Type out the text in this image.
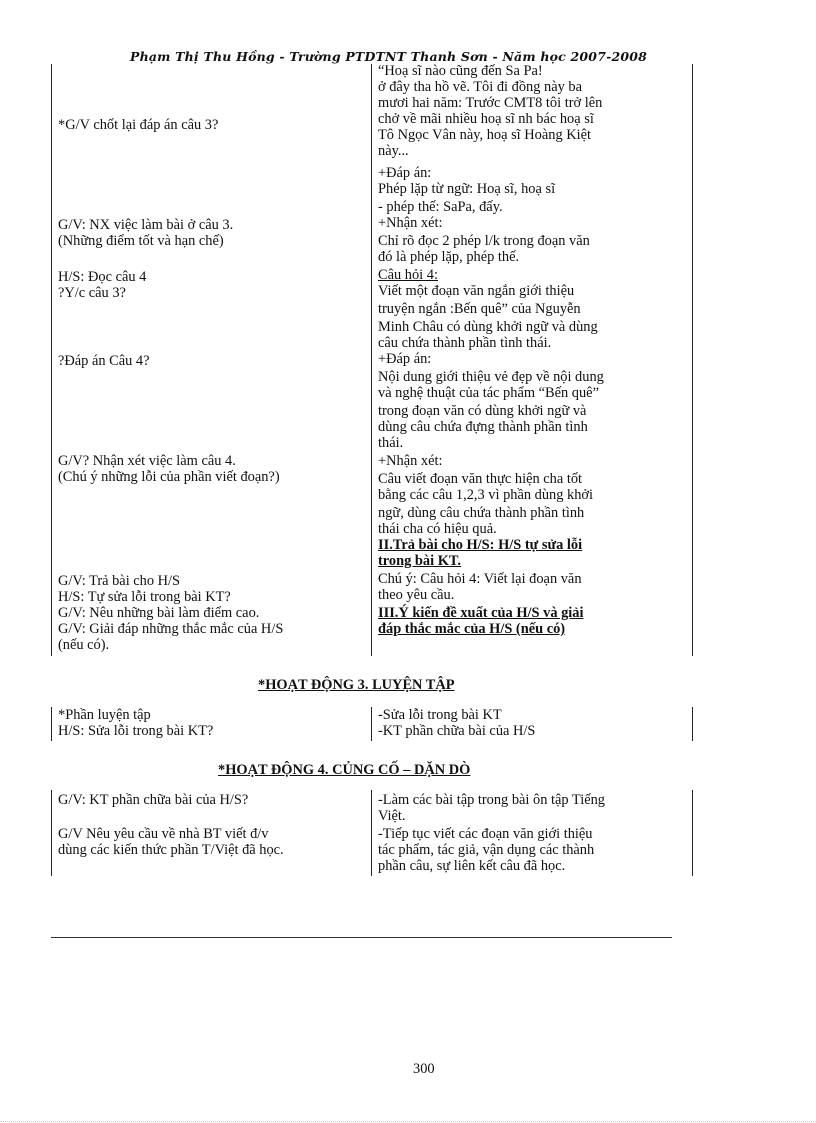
Phạm Thị Thu Hồng - Trường PTDTNT Thanh Sơn - Năm học 2007-2008
*G/V chốt lại đáp án câu 3?
G/V: NX việc làm bài ở câu 3.
(Những điểm tốt và hạn chế)
H/S: Đọc câu 4
?Y/c câu 3?
?Đáp án Câu 4?
G/V? Nhận xét việc làm câu 4.
(Chú ý những lỗi của phần viết đoạn?)
G/V: Trả bài cho H/S
H/S: Tự sửa lỗi trong bài KT?
G/V: Nêu những bài làm điểm cao.
G/V: Giải đáp những thắc mắc của H/S
(nếu có).
“Hoạ sĩ nào cũng đến Sa Pa!
ở đây tha hồ vẽ. Tôi đi đồng này ba
mươi hai năm: Trước CMT8 tôi trở lên
chở về mãi nhiều hoạ sĩ nh bác hoạ sĩ
Tô Ngọc Vân này, hoạ sĩ Hoàng Kiệt
này...
+Đáp án:
Phép lặp từ ngữ: Hoạ sĩ, hoạ sĩ
- phép thế: SaPa, đấy.
+Nhận xét:
Chỉ rõ đọc 2 phép l/k trong đoạn văn
đó là phép lặp, phép thế.
Câu hỏi 4:
Viết một đoạn văn ngắn giới thiệu
truyện ngắn :Bến quê” của Nguyễn
Minh Châu có dùng khởi ngữ và dùng
câu chứa thành phần tình thái.
+Đáp án:
Nội dung giới thiệu vẻ đẹp về nội dung
và nghệ thuật của tác phẩm “Bến quê”
trong đoạn văn có dùng khởi ngữ và
dùng câu chứa đựng thành phần tình
thái.
+Nhận xét:
Câu viết đoạn văn thực hiện cha tốt
bằng các câu 1,2,3 vì phần dùng khởi
ngữ, dùng câu chứa thành phần tình
thái cha có hiệu quả.
II.Trả bài cho H/S: H/S tự sửa lỗi
trong bài KT.
Chú ý: Câu hỏi 4: Viết lại đoạn văn
theo yêu cầu.
III.Ý kiến đề xuất của H/S và giải
đáp thắc mắc của H/S (nếu có)
*HOẠT ĐỘNG 3. LUYỆN TẬP
*Phần luyện tập
H/S: Sửa lỗi trong bài KT?
-Sửa lỗi trong bài KT
-KT phần chữa bài của H/S
*HOẠT ĐỘNG 4. CỦNG CỐ – DẶN DÒ
G/V: KT phần chữa bài của H/S?
G/V Nêu yêu cầu về nhà BT viết đ/v
dùng các kiến thức phần T/Việt đã học.
-Làm các bài tập trong bài ôn tập Tiếng
Việt.
-Tiếp tục viết các đoạn văn giới thiệu
tác phẩm, tác giả, vận dụng các thành
phần câu, sự liên kết câu đã học.
300
